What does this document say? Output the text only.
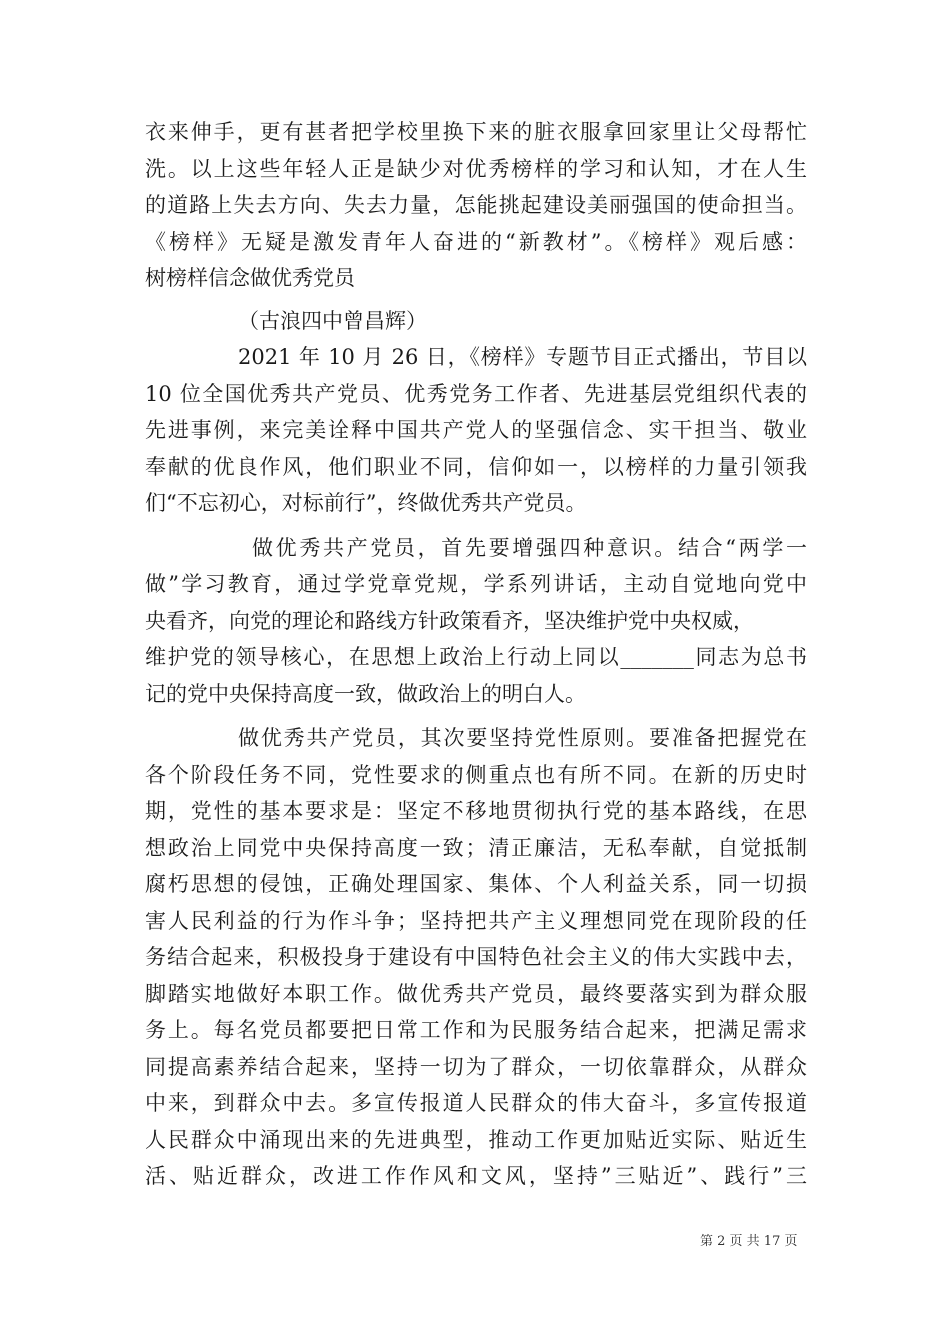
衣来伸手，更有甚者把学校里换下来的脏衣服拿回家里让父母帮忙
洗。以上这些年轻人正是缺少对优秀榜样的学习和认知，才在人生
的道路上失去方向、失去力量，怎能挑起建设美丽强国的使命担当。
《榜样》无疑是激发青年人奋进的“新教材”。《榜样》观后感：
树榜样信念做优秀党员
（古浪四中曾昌辉）
2021 年 10 月 26 日，《榜样》专题节目正式播出，节目以
10 位全国优秀共产党员、优秀党务工作者、先进基层党组织代表的
先进事例，来完美诠释中国共产党人的坚强信念、实干担当、敬业
奉献的优良作风，他们职业不同，信仰如一，以榜样的力量引领我
们“不忘初心，对标前行”，终做优秀共产党员。
做优秀共产党员，首先要增强四种意识。结合“两学一
做”学习教育，通过学党章党规，学系列讲话，主动自觉地向党中
央看齐，向党的理论和路线方针政策看齐，坚决维护党中央权威，
维护党的领导核心，在思想上政治上行动上同以_______同志为总书
记的党中央保持高度一致，做政治上的明白人。
做优秀共产党员，其次要坚持党性原则。要准备把握党在
各个阶段任务不同，党性要求的侧重点也有所不同。在新的历史时
期，党性的基本要求是：坚定不移地贯彻执行党的基本路线，在思
想政治上同党中央保持高度一致；清正廉洁，无私奉献，自觉抵制
腐朽思想的侵蚀，正确处理国家、集体、个人利益关系，同一切损
害人民利益的行为作斗争；坚持把共产主义理想同党在现阶段的任
务结合起来，积极投身于建设有中国特色社会主义的伟大实践中去，
脚踏实地做好本职工作。做优秀共产党员，最终要落实到为群众服
务上。每名党员都要把日常工作和为民服务结合起来，把满足需求
同提高素养结合起来，坚持一切为了群众，一切依靠群众，从群众
中来，到群众中去。多宣传报道人民群众的伟大奋斗，多宣传报道
人民群众中涌现出来的先进典型，推动工作更加贴近实际、贴近生
活、贴近群众，改进工作作风和文风，坚持”三贴近”、践行”三
第 2 页 共 17 页
